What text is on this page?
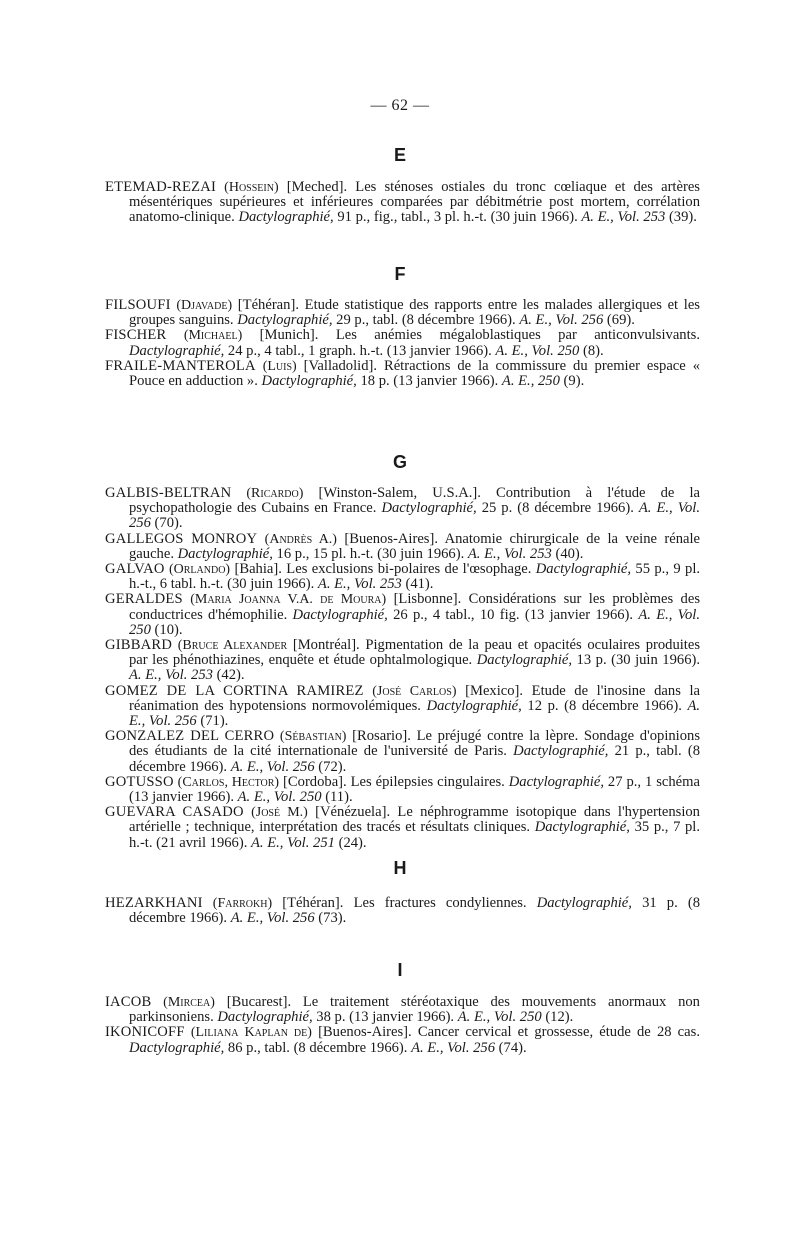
— 62 —
E

ETEMAD-REZAI (Hossein) [Meched]. Les sténoses ostiales du tronc cœliaque et des artères mésentériques supérieures et inférieures comparées par débitmétrie post mortem, corrélation anatomo-clinique. Dactylographié, 91 p., fig., tabl., 3 pl. h.-t. (30 juin 1966). A. E., Vol. 253 (39).

F

FILSOUFI (Djavade) [Téhéran]. Etude statistique des rapports entre les malades allergiques et les groupes sanguins. Dactylographié, 29 p., tabl. (8 décembre 1966). A. E., Vol. 256 (69).

FISCHER (Michael) [Munich]. Les anémies mégaloblastiques par anticonvulsivants. Dactylographié, 24 p., 4 tabl., 1 graph. h.-t. (13 janvier 1966). A. E., Vol. 250 (8).

FRAILE-MANTEROLA (Luis) [Valladolid]. Rétractions de la commissure du premier espace « Pouce en adduction ». Dactylographié, 18 p. (13 janvier 1966). A. E., 250 (9).

G

GALBIS-BELTRAN (Ricardo) [Winston-Salem, U.S.A.]. Contribution à l'étude de la psychopathologie des Cubains en France. Dactylographié, 25 p. (8 décembre 1966). A. E., Vol. 256 (70).

GALLEGOS MONROY (Andrès A.) [Buenos-Aires]. Anatomie chirurgicale de la veine rénale gauche. Dactylographié, 16 p., 15 pl. h.-t. (30 juin 1966). A. E., Vol. 253 (40).

GALVAO (Orlando) [Bahia]. Les exclusions bi-polaires de l'œsophage. Dactylographié, 55 p., 9 pl. h.-t., 6 tabl. h.-t. (30 juin 1966). A. E., Vol. 253 (41).

GERALDES (Maria Joanna V.A. de Moura) [Lisbonne]. Considérations sur les problèmes des conductrices d'hémophilie. Dactylographié, 26 p., 4 tabl., 10 fig. (13 janvier 1966). A. E., Vol. 250 (10).

GIBBARD (Bruce Alexander [Montréal]. Pigmentation de la peau et opacités oculaires produites par les phénothiazines, enquête et étude ophtalmologique. Dactylographié, 13 p. (30 juin 1966). A. E., Vol. 253 (42).

GOMEZ DE LA CORTINA RAMIREZ (José Carlos) [Mexico]. Etude de l'inosine dans la réanimation des hypotensions normovolémiques. Dactylographié, 12 p. (8 décembre 1966). A. E., Vol. 256 (71).

GONZALEZ DEL CERRO (Sébastian) [Rosario]. Le préjugé contre la lèpre. Sondage d'opinions des étudiants de la cité internationale de l'université de Paris. Dactylographié, 21 p., tabl. (8 décembre 1966). A. E., Vol. 256 (72).

GOTUSSO (Carlos, Hector) [Cordoba]. Les épilepsies cingulaires. Dactylographié, 27 p., 1 schéma (13 janvier 1966). A. E., Vol. 250 (11).

GUEVARA CASADO (José M.) [Vénézuela]. Le néphrogramme isotopique dans l'hypertension artérielle ; technique, interprétation des tracés et résultats cliniques. Dactylographié, 35 p., 7 pl. h.-t. (21 avril 1966). A. E., Vol. 251 (24).

H

HEZARKHANI (Farrokh) [Téhéran]. Les fractures condyliennes. Dactylographié, 31 p. (8 décembre 1966). A. E., Vol. 256 (73).

I

IACOB (Mircea) [Bucarest]. Le traitement stéréotaxique des mouvements anormaux non parkinsoniens. Dactylographié, 38 p. (13 janvier 1966). A. E., Vol. 250 (12).

IKONICOFF (Liliana Kaplan de) [Buenos-Aires]. Cancer cervical et grossesse, étude de 28 cas. Dactylographié, 86 p., tabl. (8 décembre 1966). A. E., Vol. 256 (74).
